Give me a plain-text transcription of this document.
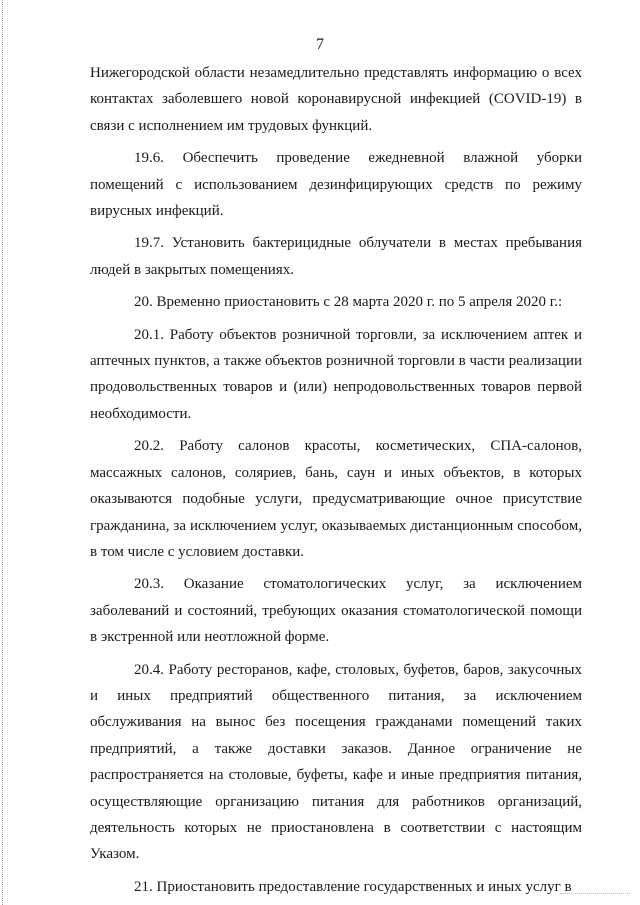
7

Нижегородской области незамедлительно представлять информацию о всех контактах заболевшего новой коронавирусной инфекцией (COVID-19) в связи с исполнением им трудовых функций.

19.6. Обеспечить проведение ежедневной влажной уборки помещений с использованием дезинфицирующих средств по режиму вирусных инфекций.

19.7. Установить бактерицидные облучатели в местах пребывания людей в закрытых помещениях.

20. Временно приостановить с 28 марта 2020 г. по 5 апреля 2020 г.:

20.1. Работу объектов розничной торговли, за исключением аптек и аптечных пунктов, а также объектов розничной торговли в части реализации продовольственных товаров и (или) непродовольственных товаров первой необходимости.

20.2. Работу салонов красоты, косметических, СПА-салонов, массажных салонов, соляриев, бань, саун и иных объектов, в которых оказываются подобные услуги, предусматривающие очное присутствие гражданина, за исключением услуг, оказываемых дистанционным способом, в том числе с условием доставки.

20.3. Оказание стоматологических услуг, за исключением заболеваний и состояний, требующих оказания стоматологической помощи в экстренной или неотложной форме.

20.4. Работу ресторанов, кафе, столовых, буфетов, баров, закусочных и иных предприятий общественного питания, за исключением обслуживания на вынос без посещения гражданами помещений таких предприятий, а также доставки заказов. Данное ограничение не распространяется на столовые, буфеты, кафе и иные предприятия питания, осуществляющие организацию питания для работников организаций, деятельность которых не приостановлена в соответствии с настоящим Указом.

21. Приостановить предоставление государственных и иных услуг в
